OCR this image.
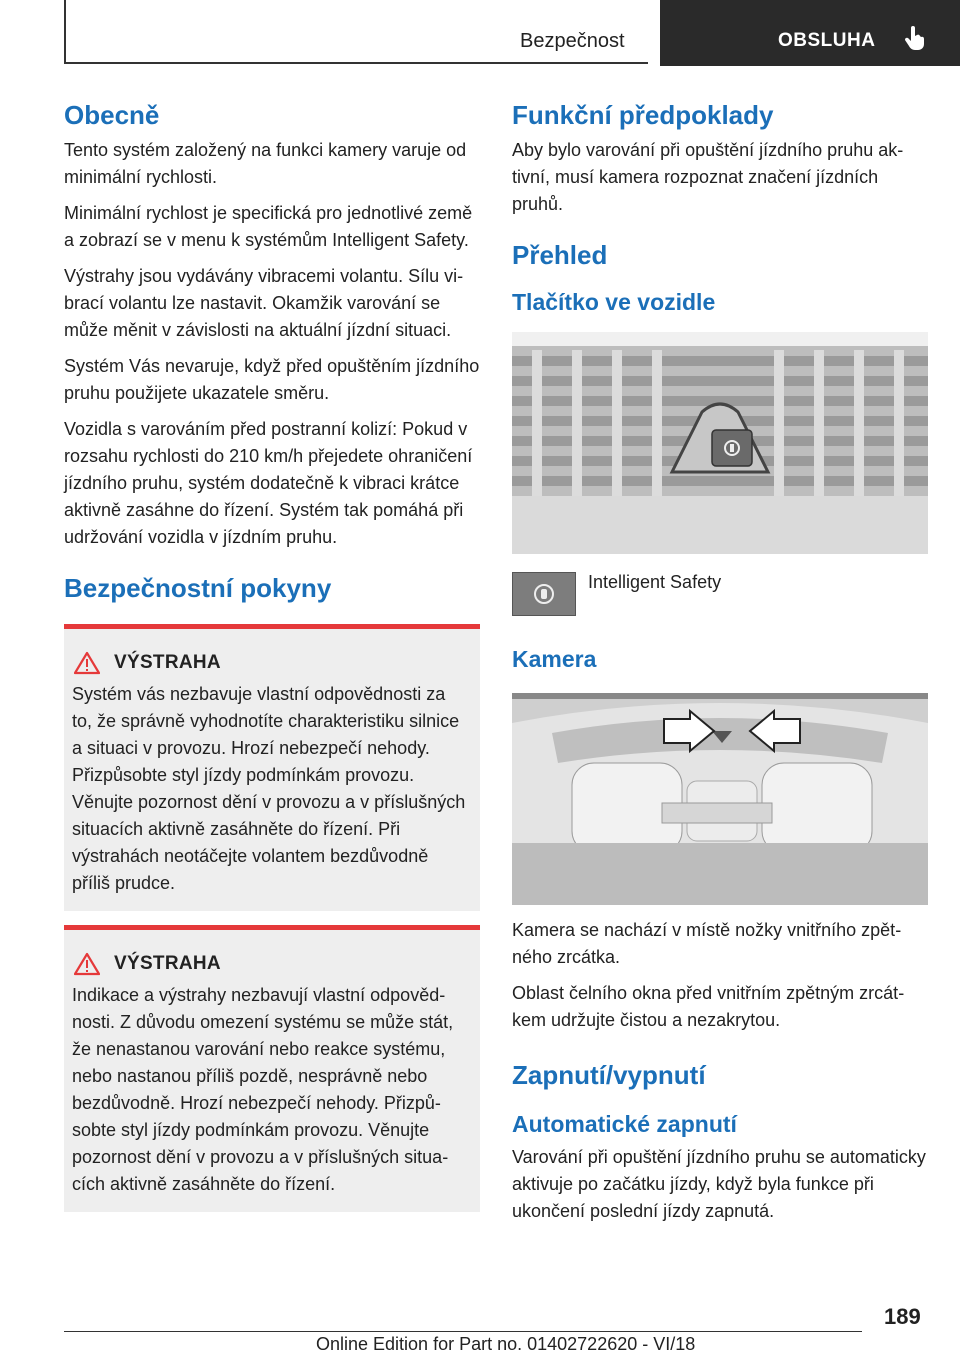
Bezpečnost	OBSLUHA
Obecně

Tento systém založený na funkci kamery varuje od minimální rychlosti.

Minimální rychlost je specifická pro jednotlivé země a zobrazí se v menu k systémům Intelligent Safety.

Výstrahy jsou vydávány vibracemi volantu. Sílu vibrací volantu lze nastavit. Okamžik varování se může měnit v závislosti na aktuální jízdní situaci.

Systém Vás nevaruje, když před opuštěním jízdního pruhu použijete ukazatele směru.

Vozidla s varováním před postranní kolizí: Pokud v rozsahu rychlosti do 210 km/h přejedete ohraničení jízdního pruhu, systém dodatečně k vibraci krátce aktivně zasáhne do řízení. Systém tak pomáhá při udržování vozidla v jízdním pruhu.

Bezpečnostní pokyny
VÝSTRAHA

Systém vás nezbavuje vlastní odpovědnosti za to, že správně vyhodnotíte charakteristiku silnice a situaci v provozu. Hrozí nebezpečí nehody. Přizpůsobte styl jízdy podmínkám provozu. Věnujte pozornost dění v provozu a v příslušných situacích aktivně zasáhněte do řízení. Při výstrahách neotáčejte volantem bezdůvodně příliš prudce.

VÝSTRAHA

Indikace a výstrahy nezbavují vlastní odpovědnosti. Z důvodu omezení systému se může stát, že nenastanou varování nebo reakce systému, nebo nastanou příliš pozdě, nesprávně nebo bezdůvodně. Hrozí nebezpečí nehody. Přizpůsobte styl jízdy podmínkám provozu. Věnujte pozornost dění v provozu a v příslušných situacích aktivně zasáhněte do řízení.

Funkční předpoklady

Aby bylo varování při opuštění jízdního pruhu aktivní, musí kamera rozpoznat značení jízdních pruhů.

Přehled
Tlačítko ve vozidle
Intelligent Safety
Kamera

Kamera se nachází v místě nožky vnitřního zpětného zrcátka.

Oblast čelního okna před vnitřním zpětným zrcátkem udržujte čistou a nezakrytou.

Zapnutí/vypnutí
Automatické zapnutí

Varování při opuštění jízdního pruhu se automaticky aktivuje po začátku jízdy, když byla funkce při ukončení poslední jízdy zapnutá.

189
Online Edition for Part no. 01402722620 - VI/18
